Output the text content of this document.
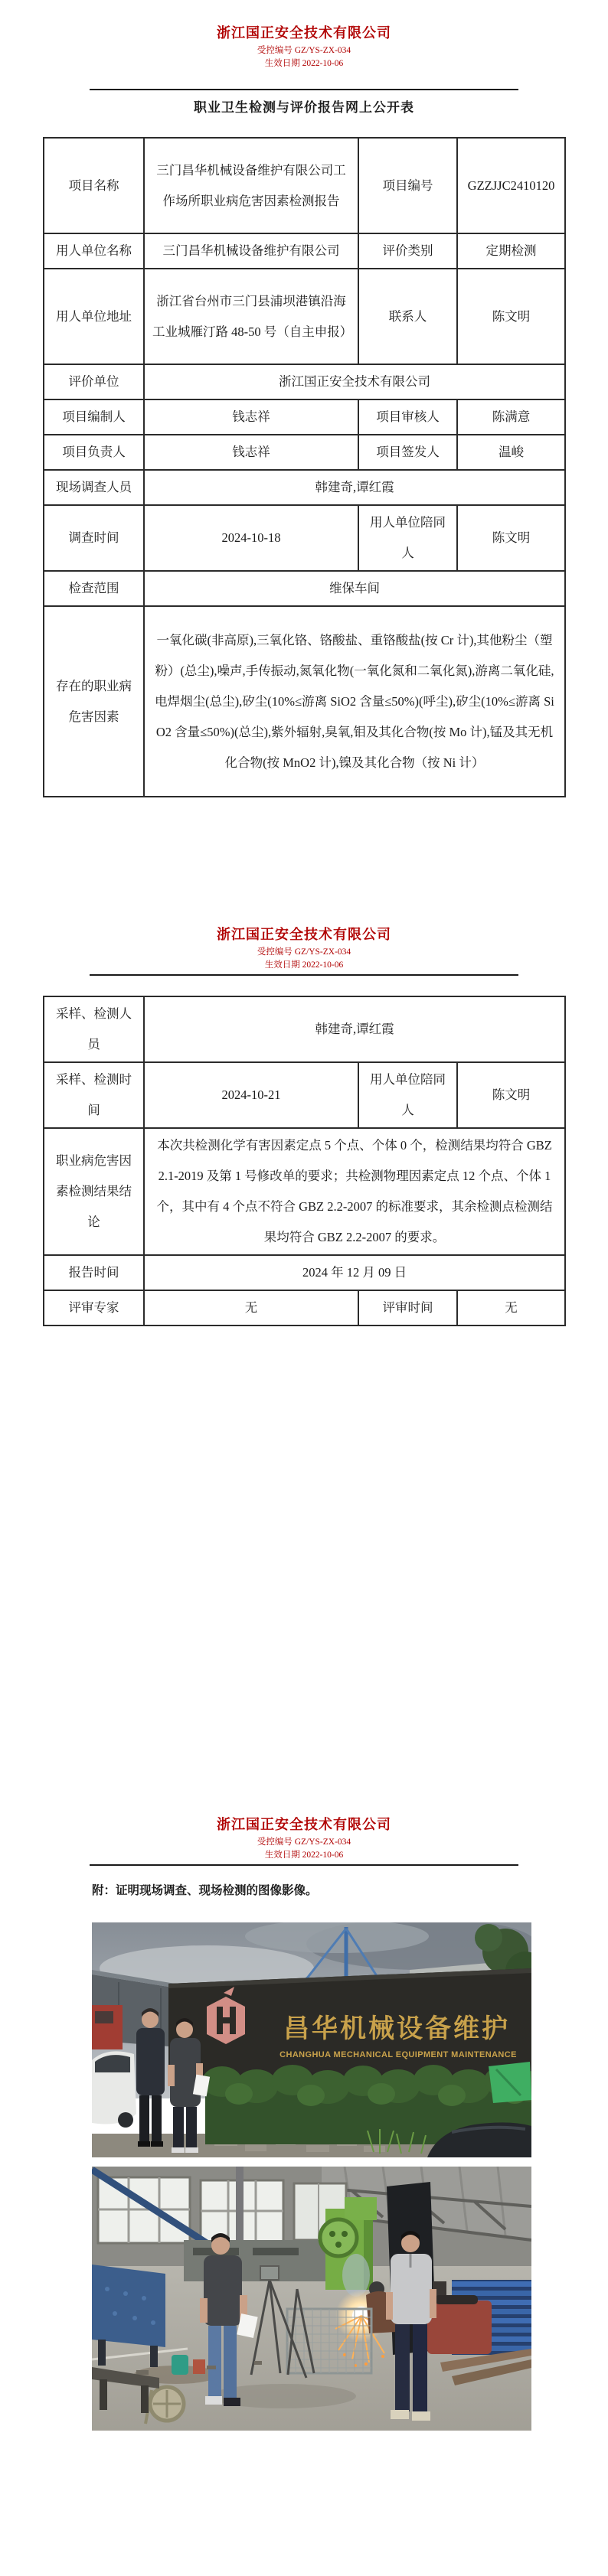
浙江国正安全技术有限公司
受控编号 GZ/YS-ZX-034
生效日期 2022-10-06
职业卫生检测与评价报告网上公开表
项目名称	三门昌华机械设备维护有限公司工作场所职业病危害因素检测报告	项目编号	GZZJJC2410120
用人单位名称	三门昌华机械设备维护有限公司	评价类别	定期检测
用人单位地址	浙江省台州市三门县浦坝港镇沿海工业城雁汀路 48-50 号（自主申报）	联系人	陈文明
评价单位	浙江国正安全技术有限公司		
项目编制人	钱志祥	项目审核人	陈满意
项目负责人	钱志祥	项目签发人	温峻
现场调查人员	韩建奇,谭红霞		
调查时间	2024-10-18	用人单位陪同人	陈文明
检查范围	维保车间		
存在的职业病危害因素	一氧化碳(非高原),三氧化铬、铬酸盐、重铬酸盐(按 Cr 计),其他粉尘（塑粉）(总尘),噪声,手传振动,氮氧化物(一氧化氮和二氧化氮),游离二氧化硅,电焊烟尘(总尘),矽尘(10%≤游离 SiO2 含量≤50%)(呼尘),矽尘(10%≤游离 SiO2 含量≤50%)(总尘),紫外辐射,臭氧,钼及其化合物(按 Mo 计),锰及其无机化合物(按 MnO2 计),镍及其化合物（按 Ni 计）		
浙江国正安全技术有限公司
受控编号 GZ/YS-ZX-034
生效日期 2022-10-06
采样、检测人员	韩建奇,谭红霞		
采样、检测时间	2024-10-21	用人单位陪同人	陈文明
职业病危害因素检测结果结论	本次共检测化学有害因素定点 5 个点、个体 0 个，检测结果均符合 GBZ 2.1-2019 及第 1 号修改单的要求；共检测物理因素定点 12 个点、个体 1 个，其中有 4 个点不符合 GBZ 2.2-2007 的标准要求，其余检测点检测结果均符合 GBZ 2.2-2007 的要求。		
报告时间	2024 年 12 月 09 日		
评审专家	无	评审时间	无
浙江国正安全技术有限公司
受控编号 GZ/YS-ZX-034
生效日期 2022-10-06
附：证明现场调查、现场检测的图像影像。
昌华机械设备维护
CHANGHUA MECHANICAL EQUIPMENT MAINTENANCE
